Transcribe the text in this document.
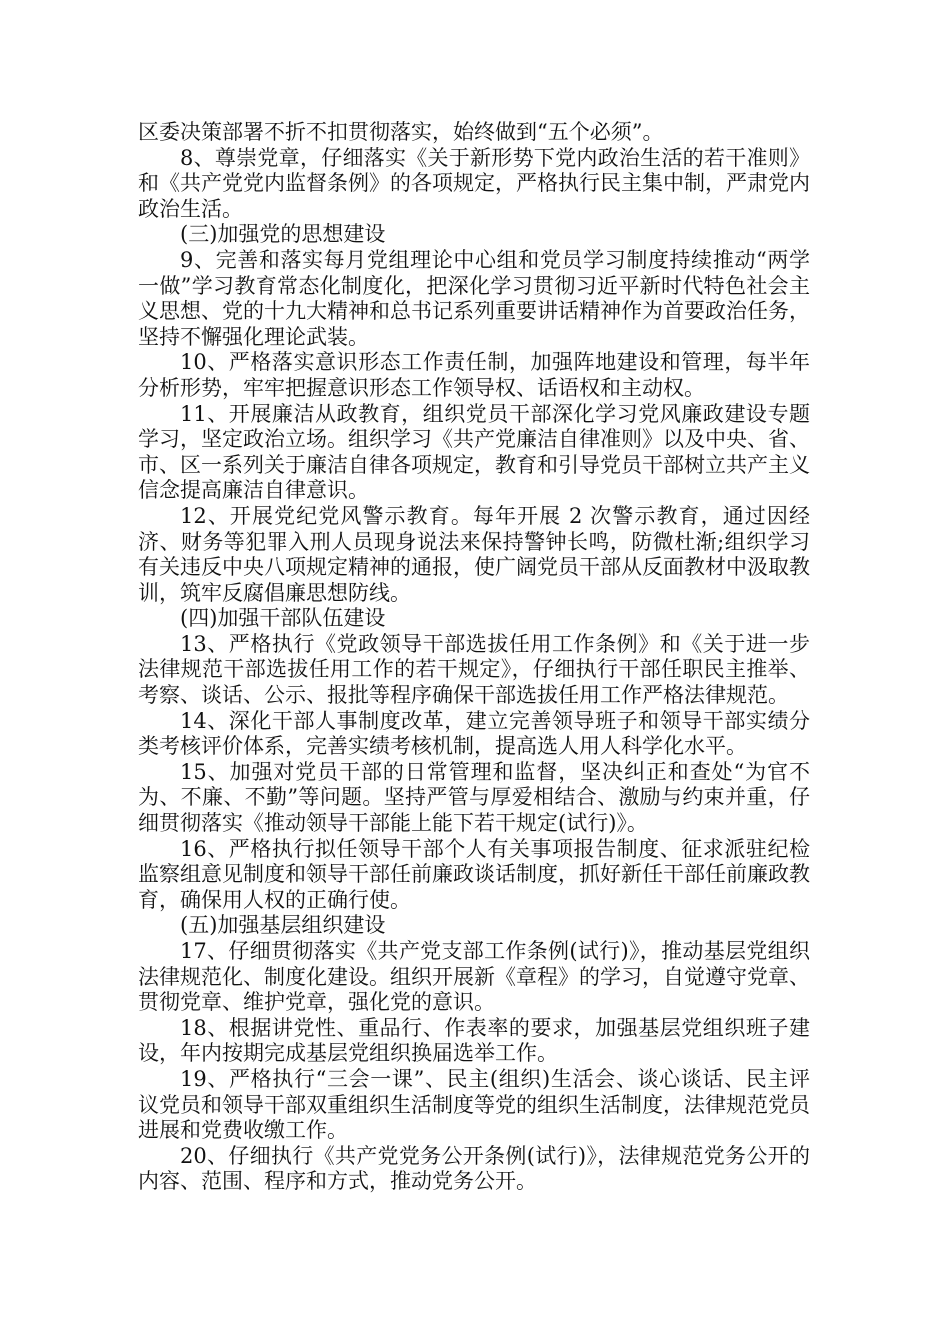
区委决策部署不折不扣贯彻落实，始终做到“五个必须”。

8、尊崇党章，仔细落实《关于新形势下党内政治生活的若干准则》和《共产党党内监督条例》的各项规定，严格执行民主集中制，严肃党内政治生活。

(三)加强党的思想建设

9、完善和落实每月党组理论中心组和党员学习制度持续推动“两学一做”学习教育常态化制度化，把深化学习贯彻习近平新时代特色社会主义思想、党的十九大精神和总书记系列重要讲话精神作为首要政治任务，坚持不懈强化理论武装。

10、严格落实意识形态工作责任制，加强阵地建设和管理，每半年分析形势，牢牢把握意识形态工作领导权、话语权和主动权。

11、开展廉洁从政教育，组织党员干部深化学习党风廉政建设专题学习，坚定政治立场。组织学习《共产党廉洁自律准则》以及中央、省、市、区一系列关于廉洁自律各项规定，教育和引导党员干部树立共产主义信念提高廉洁自律意识。

12、开展党纪党风警示教育。每年开展 2 次警示教育，通过因经济、财务等犯罪入刑人员现身说法来保持警钟长鸣，防微杜渐;组织学习有关违反中央八项规定精神的通报，使广阔党员干部从反面教材中汲取教训，筑牢反腐倡廉思想防线。

(四)加强干部队伍建设

13、严格执行《党政领导干部选拔任用工作条例》和《关于进一步法律规范干部选拔任用工作的若干规定》，仔细执行干部任职民主推举、考察、谈话、公示、报批等程序确保干部选拔任用工作严格法律规范。

14、深化干部人事制度改革，建立完善领导班子和领导干部实绩分类考核评价体系，完善实绩考核机制，提高选人用人科学化水平。

15、加强对党员干部的日常管理和监督，坚决纠正和查处“为官不为、不廉、不勤”等问题。坚持严管与厚爱相结合、激励与约束并重，仔细贯彻落实《推动领导干部能上能下若干规定(试行)》。

16、严格执行拟任领导干部个人有关事项报告制度、征求派驻纪检监察组意见制度和领导干部任前廉政谈话制度，抓好新任干部任前廉政教育，确保用人权的正确行使。

(五)加强基层组织建设

17、仔细贯彻落实《共产党支部工作条例(试行)》，推动基层党组织法律规范化、制度化建设。组织开展新《章程》的学习，自觉遵守党章、贯彻党章、维护党章，强化党的意识。

18、根据讲党性、重品行、作表率的要求，加强基层党组织班子建设，年内按期完成基层党组织换届选举工作。

19、严格执行“三会一课”、民主(组织)生活会、谈心谈话、民主评议党员和领导干部双重组织生活制度等党的组织生活制度，法律规范党员进展和党费收缴工作。

20、仔细执行《共产党党务公开条例(试行)》，法律规范党务公开的内容、范围、程序和方式，推动党务公开。
